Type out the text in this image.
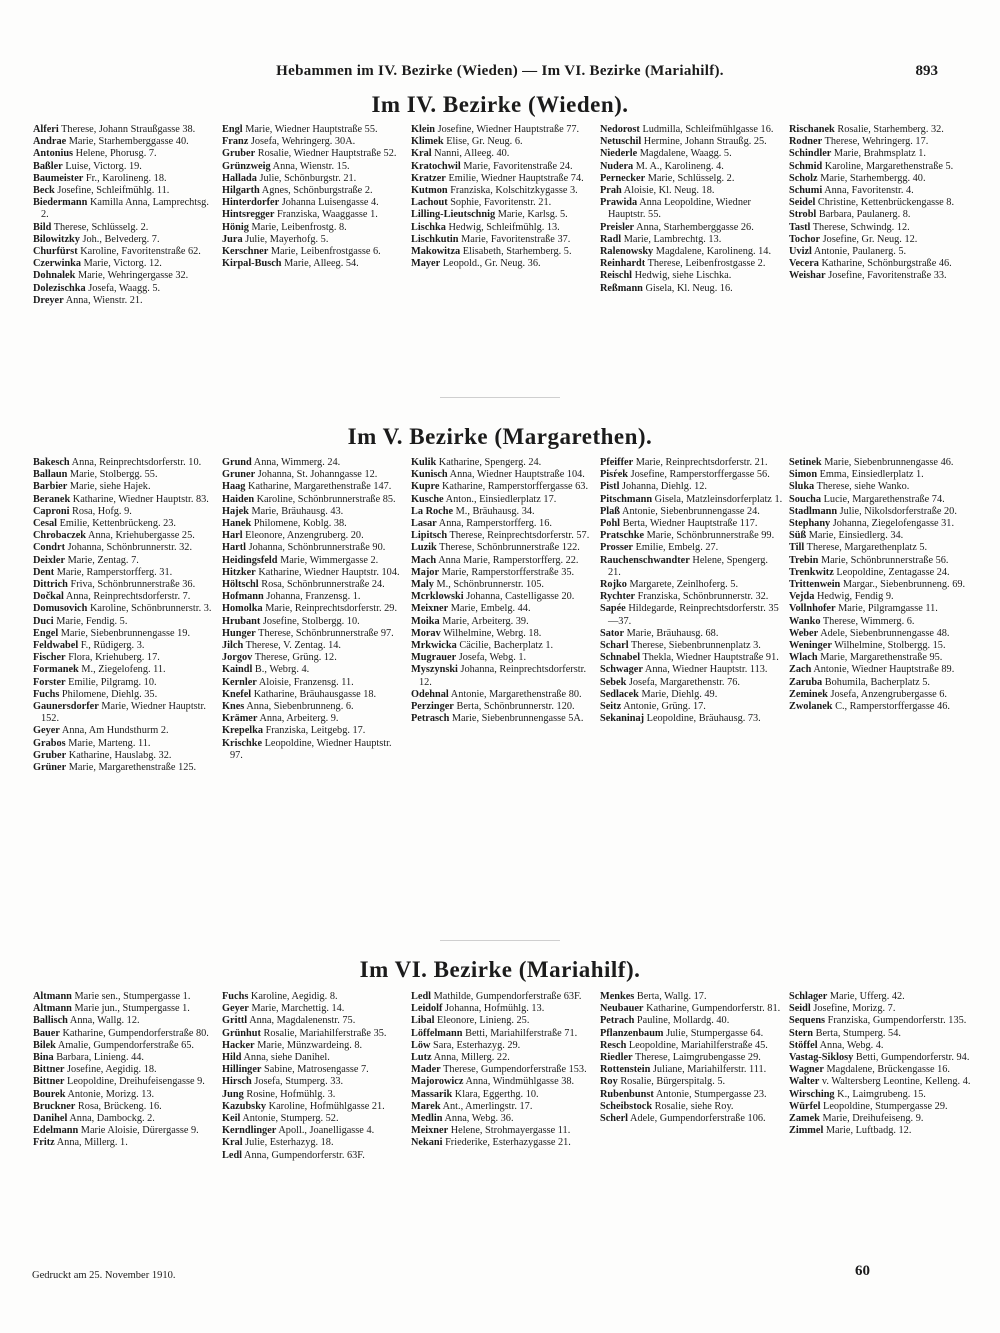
Hebammen im IV. Bezirke (Wieden) — Im VI. Bezirke (Mariahilf).	893
Im IV. Bezirke (Wieden).
Alferi Therese, Johann Straußgasse 38.
Andrae Marie, Starhemberggasse 40.
Antonius Helene, Phorusg. 7.
Baßler Luise, Victorg. 19.
Baumeister Fr., Karolineng. 18.
Beck Josefine, Schleifmühlg. 11.
Biedermann Kamilla Anna, Lamprechtsg. 2.
Bild Therese, Schlüsselg. 2.
Bilowitzky Joh., Belvederg. 7.
Churfürst Karoline, Favoritenstraße 62.
Czerwinka Marie, Victorg. 12.
Dohnalek Marie, Wehringergasse 32.
Dolezischka Josefa, Waagg. 5.
Dreyer Anna, Wienstr. 21.
Engl Marie, Wiedner Hauptstraße 55.
Franz Josefa, Wehringerg. 30A.
Gruber Rosalie, Wiedner Hauptstraße 52.
Grünzweig Anna, Wienstr. 15.
Hallada Julie, Schönburgstr. 21.
Hilgarth Agnes, Schönburgstraße 2.
Hinterdorfer Johanna Luisengasse 4.
Hintsregger Franziska, Waaggasse 1.
Hönig Marie, Leibenfrostg. 8.
Jura Julie, Mayerhofg. 5.
Kerschner Marie, Leibenfrostgasse 6.
Kirpal-Busch Marie, Alleeg. 54.
Klein Josefine, Wiedner Hauptstraße 77.
Klimek Elise, Gr. Neug. 6.
Kral Nanni, Alleeg. 40.
Kratochwil Marie, Favoritenstraße 24.
Kratzer Emilie, Wiedner Hauptstraße 74.
Kutmon Franziska, Kolschitzkygasse 3.
Lachout Sophie, Favoritenstr. 21.
Lilling-Lieutschnig Marie, Karlsg. 5.
Lischka Hedwig, Schleifmühlg. 13.
Lischkutin Marie, Favoritenstraße 37.
Makowitza Elisabeth, Starhemberg. 5.
Mayer Leopold., Gr. Neug. 36.
Nedorost Ludmilla, Schleifmühlgasse 16.
Netuschil Hermine, Johann Straußg. 25.
Niederle Magdalene, Waagg. 5.
Nudera M. A., Karolineng. 4.
Pernecker Marie, Schlüsselg. 2.
Prah Aloisie, Kl. Neug. 18.
Prawida Anna Leopoldine, Wiedner Hauptstr. 55.
Preisler Anna, Starhemberggasse 26.
Radl Marie, Lambrechtg. 13.
Ralenowsky Magdalene, Karolineng. 14.
Reinhardt Therese, Leibenfrostgasse 2.
Reischl Hedwig, siehe Lischka.
Reßmann Gisela, Kl. Neug. 16.
Rischanek Rosalie, Starhemberg. 32.
Rodner Therese, Wehringerg. 17.
Schindler Marie, Brahmsplatz 1.
Schmid Karoline, Margarethenstraße 5.
Scholz Marie, Starhembergg. 40.
Schumi Anna, Favoritenstr. 4.
Seidel Christine, Kettenbrückengasse 8.
Strobl Barbara, Paulanerg. 8.
Tastl Therese, Schwindg. 12.
Tochor Josefine, Gr. Neug. 12.
Uvizl Antonie, Paulanerg. 5.
Vecera Katharine, Schönburgstraße 46.
Weishar Josefine, Favoritenstraße 33.
Im V. Bezirke (Margarethen).
Bakesch Anna, Reinprechtsdorferstr. 10.
Ballaun Marie, Stolbergg. 55.
Barbier Marie, siehe Hajek.
Beranek Katharine, Wiedner Hauptstr. 83.
Caproni Rosa, Hofg. 9.
Cesal Emilie, Kettenbrückeng. 23.
Chrobaczek Anna, Kriehubergasse 25.
Condrt Johanna, Schönbrunnerstr. 32.
Deixler Marie, Zentag. 7.
Dent Marie, Ramperstorfferg. 31.
Dittrich Friva, Schönbrunnerstraße 36.
Dočkal Anna, Reinprechtsdorferstr. 7.
Domusovich Karoline, Schönbrunnerstr. 3.
Duci Marie, Fendig. 5.
Engel Marie, Siebenbrunnengasse 19.
Feldwabel F., Rüdigerg. 3.
Fischer Flora, Kriehuberg. 17.
Formanek M., Ziegelofeng. 11.
Forster Emilie, Pilgramg. 10.
Fuchs Philomene, Diehlg. 35.
Gaunersdorfer Marie, Wiedner Hauptstr. 152.
Geyer Anna, Am Hundsthurm 2.
Grabos Marie, Marteng. 11.
Gruber Katharine, Hauslabg. 32.
Grüner Marie, Margarethenstraße 125.
Grund Anna, Wimmerg. 24.
Gruner Johanna, St. Johanngasse 12.
Haag Katharine, Margarethenstraße 147.
Haiden Karoline, Schönbrunnerstraße 85.
Hajek Marie, Bräuhausg. 43.
Hanek Philomene, Koblg. 38.
Harl Eleonore, Anzengruberg. 20.
Hartl Johanna, Schönbrunnerstraße 90.
Heidingsfeld Marie, Wimmergasse 2.
Hitzker Katharine, Wiedner Hauptstr. 104.
Höltschl Rosa, Schönbrunnerstraße 24.
Hofmann Johanna, Franzensg. 1.
Homolka Marie, Reinprechtsdorferstr. 29.
Hrubant Josefine, Stolbergg. 10.
Hunger Therese, Schönbrunnerstraße 97.
Jilch Therese, V. Zentag. 14.
Jorgov Therese, Grüng. 12.
Kaindl B., Webrg. 4.
Kernler Aloisie, Franzensg. 11.
Knefel Katharine, Bräuhausgasse 18.
Knes Anna, Siebenbrunneng. 6.
Krämer Anna, Arbeiterg. 9.
Krepelka Franziska, Leitgebg. 17.
Krischke Leopoldine, Wiedner Hauptstr. 97.
Kulik Katharine, Spengerg. 24.
Kunisch Anna, Wiedner Hauptstraße 104.
Kupre Katharine, Ramperstorffergasse 63.
Kusche Anton., Einsiedlerplatz 17.
La Roche M., Bräuhausg. 34.
Lasar Anna, Ramperstorfferg. 16.
Lipitsch Therese, Reinprechtsdorferstr. 57.
Luzik Therese, Schönbrunnerstraße 122.
Mach Anna Marie, Ramperstorfferg. 22.
Major Marie, Ramperstorfferstraße 35.
Maly M., Schönbrunnerstr. 105.
Mcrklowski Johanna, Castelligasse 20.
Meixner Marie, Embelg. 44.
Moika Marie, Arbeiterg. 39.
Morav Wilhelmine, Webrg. 18.
Mrkwicka Cäcilie, Bacherplatz 1.
Mugrauer Josefa, Webg. 1.
Myszynski Johanna, Reinprechtsdorferstr. 12.
Odehnal Antonie, Margarethenstraße 80.
Perzinger Berta, Schönbrunnerstr. 120.
Petrasch Marie, Siebenbrunnengasse 5A.
Pfeiffer Marie, Reinprechtsdorferstr. 21.
Pisŕek Josefine, Ramperstorffergasse 56.
Pistl Johanna, Diehlg. 12.
Pitschmann Gisela, Matzleinsdorferplatz 1.
Plaß Antonie, Siebenbrunnengasse 24.
Pohl Berta, Wiedner Hauptstraße 117.
Pratschke Marie, Schönbrunnerstraße 99.
Prosser Emilie, Embelg. 27.
Rauchenschwandter Helene, Spengerg. 21.
Rojko Margarete, Zeinlhoferg. 5.
Rychter Franziska, Schönbrunnerstr. 32.
Sapée Hildegarde, Reinprechtsdorferstr. 35—37.
Sator Marie, Bräuhausg. 68.
Scharl Therese, Siebenbrunnenplatz 3.
Schnabel Thekla, Wiedner Hauptstraße 91.
Schwager Anna, Wiedner Hauptstr. 113.
Sebek Josefa, Margarethenstr. 76.
Sedlacek Marie, Diehlg. 49.
Seitz Antonie, Grüng. 17.
Sekaninaj Leopoldine, Bräuhausg. 73.
Setinek Marie, Siebenbrunnengasse 46.
Simon Emma, Einsiedlerplatz 1.
Sluka Therese, siehe Wanko.
Soucha Lucie, Margarethenstraße 74.
Stadlmann Julie, Nikolsdorferstraße 20.
Stephany Johanna, Ziegelofengasse 31.
Süß Marie, Einsiedlerg. 34.
Till Therese, Margarethenplatz 5.
Trebin Marie, Schönbrunnerstraße 56.
Trenkwitz Leopoldine, Zentagasse 24.
Trittenwein Margar., Siebenbrunneng. 69.
Vejda Hedwig, Fendig 9.
Vollnhofer Marie, Pilgramgasse 11.
Wanko Therese, Wimmerg. 6.
Weber Adele, Siebenbrunnengasse 48.
Weninger Wilhelmine, Stolbergg. 15.
Wlach Marie, Margarethenstraße 95.
Zach Antonie, Wiedner Hauptstraße 89.
Zaruba Bohumila, Bacherplatz 5.
Zeminek Josefa, Anzengrubergasse 6.
Zwolanek C., Ramperstorffergasse 46.
Im VI. Bezirke (Mariahilf).
Altmann Marie sen., Stumpergasse 1.
Altmann Marie jun., Stumpergasse 1.
Ballisch Anna, Wallg. 12.
Bauer Katharine, Gumpendorferstraße 80.
Bilek Amalie, Gumpendorferstraße 65.
Bina Barbara, Linieng. 44.
Bittner Josefine, Aegidig. 18.
Bittner Leopoldine, Dreihufeisengasse 9.
Bourek Antonie, Morizg. 13.
Bruckner Rosa, Brückeng. 16.
Danihel Anna, Dambockg. 2.
Edelmann Marie Aloisie, Dürergasse 9.
Fritz Anna, Millerg. 1.
Fuchs Karoline, Aegidig. 8.
Geyer Marie, Marchettig. 14.
Grittl Anna, Magdalenenstr. 75.
Grünhut Rosalie, Mariahilferstraße 35.
Hacker Marie, Münzwardeing. 8.
Hild Anna, siehe Danihel.
Hillinger Sabine, Matrosengasse 7.
Hirsch Josefa, Stumperg. 33.
Jung Rosine, Hofmühlg. 3.
Kazubsky Karoline, Hofmühlgasse 21.
Keil Antonie, Stumperg. 52.
Kerndlinger Apoll., Joanelligasse 4.
Kral Julie, Esterhazyg. 18.
Ledl Anna, Gumpendorferstr. 63F.
Ledl Mathilde, Gumpendorferstraße 63F.
Leidolf Johanna, Hofmühlg. 13.
Libal Eleonore, Linieng. 25.
Löffelmann Betti, Mariahilferstraße 71.
Löw Sara, Esterhazyg. 29.
Lutz Anna, Millerg. 22.
Mader Therese, Gumpendorferstraße 153.
Majorowicz Anna, Windmühlgasse 38.
Massarik Klara, Eggerthg. 10.
Marek Ant., Amerlingstr. 17.
Medlin Anna, Webg. 36.
Meixner Helene, Strohmayergasse 11.
Nekani Friederike, Esterhazygasse 21.
Menkes Berta, Wallg. 17.
Neubauer Katharine, Gumpendorferstr. 81.
Petrach Pauline, Mollardg. 40.
Pflanzenbaum Julie, Stumpergasse 64.
Resch Leopoldine, Mariahilferstraße 45.
Riedler Therese, Laimgrubengasse 29.
Rottenstein Juliane, Mariahilferstr. 111.
Roy Rosalie, Bürgerspitalg. 5.
Rubenbunst Antonie, Stumpergasse 23.
Scheibstock Rosalie, siehe Roy.
Scherl Adele, Gumpendorferstraße 106.
Schlager Marie, Ufferg. 42.
Seidl Josefine, Morizg. 7.
Sequens Franziska, Gumpendorferstr. 135.
Stern Berta, Stumperg. 54.
Stöffel Anna, Webg. 4.
Vastag-Siklosy Betti, Gumpendorferstr. 94.
Wagner Magdalene, Brückengasse 16.
Walter v. Waltersberg Leontine, Kelleng. 4.
Wirsching K., Laimgrubeng. 15.
Würfel Leopoldine, Stumpergasse 29.
Zamek Marie, Dreihufeiseng. 9.
Zimmel Marie, Luftbadg. 12.
Gedruckt am 25. November 1910.	60
